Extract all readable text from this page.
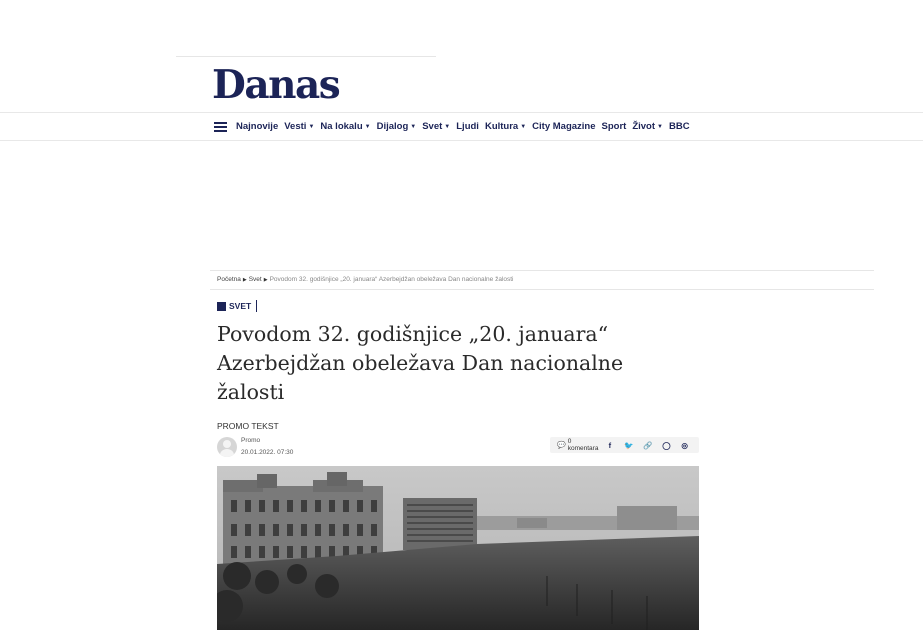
Danas
Najnovije Vesti ▼ Na lokalu ▼ Dijalog ▼ Svet ▼ Ljudi Kultura ▼ City Magazine Sport Život ▼ BBC
Početna ▶ Svet ▶ Povodom 32. godišnjice „20. januara“ Azerbejdžan obeležava Dan nacionalne žalosti
SVET
Povodom 32. godišnjice „20. januara“ Azerbejdžan obeležava Dan nacionalne žalosti
PROMO TEKST
Promo
20.01.2022. 07:30
💬
0 komentara f 🐦 🔗 ◯ ◎
